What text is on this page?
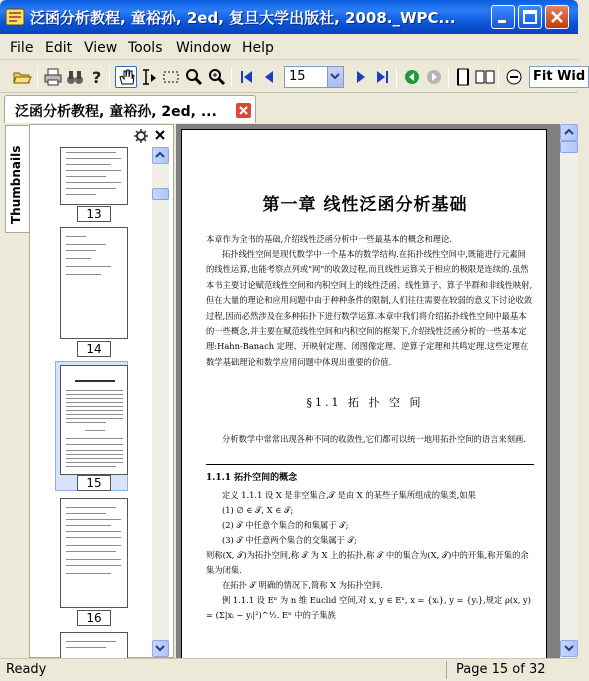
泛函分析教程, 童裕孙, 2ed, 复旦大学出版社, 2008._WPC...
File Edit View Tools Window Help
?	15	Fit Wid
泛函分析教程, 童裕孙, 2ed, ...
Thumbnails	13
14
15
16
第一章 线性泛函分析基础
本章作为全书的基础,介绍线性泛函分析中一些最基本的概念和理论.
拓扑线性空间是现代数学中一个基本的数学结构.在拓扑线性空间中,既能进行元素间的线性运算,也能考察点列或"网"的收敛过程,而且线性运算关于相应的极限是连续的.虽然本书主要讨论赋范线性空间和内积空间上的线性泛函、线性算子、算子半群和非线性映射,但在大量的理论和应用问题中由于种种条件的限制,人们往往需要在较弱的意义下讨论收敛过程,因而必然涉及在多种拓扑下进行数学运算.本章中我们将介绍拓扑线性空间中最基本的一些概念,并主要在赋范线性空间和内积空间的框架下,介绍线性泛函分析的一些基本定理:Hahn-Banach 定理、开映射定理、闭图像定理、逆算子定理和共鸣定理.这些定理在数学基础理论和数学应用问题中体现出重要的价值.
§1.1 拓 扑 空 间
分析数学中常常出现各种不同的收敛性,它们都可以统一地用拓扑空间的语言来刻画.
1.1.1 拓扑空间的概念
定义 1.1.1 设 X 是非空集合,𝒯 是由 X 的某些子集所组成的集类,如果
(1) ∅ ∈ 𝒯, X ∈ 𝒯;
(2) 𝒯 中任意个集合的和集属于 𝒯;
(3) 𝒯 中任意两个集合的交集属于 𝒯;
则称(X, 𝒯)为拓扑空间,称 𝒯 为 X 上的拓扑,称 𝒯 中的集合为(X, 𝒯)中的开集,称开集的余集为闭集.
在拓扑 𝒯 明确的情况下,简称 X 为拓扑空间.
例 1.1.1 设 Eⁿ 为 n 维 Euclid 空间,对 x, y ∈ Eⁿ, x = {xᵢ}, y = {yᵢ},规定 ρ(x, y) = (Σ|xᵢ − yᵢ|²)^½. Eⁿ 中的子集族
Ready	Page 15 of 32
